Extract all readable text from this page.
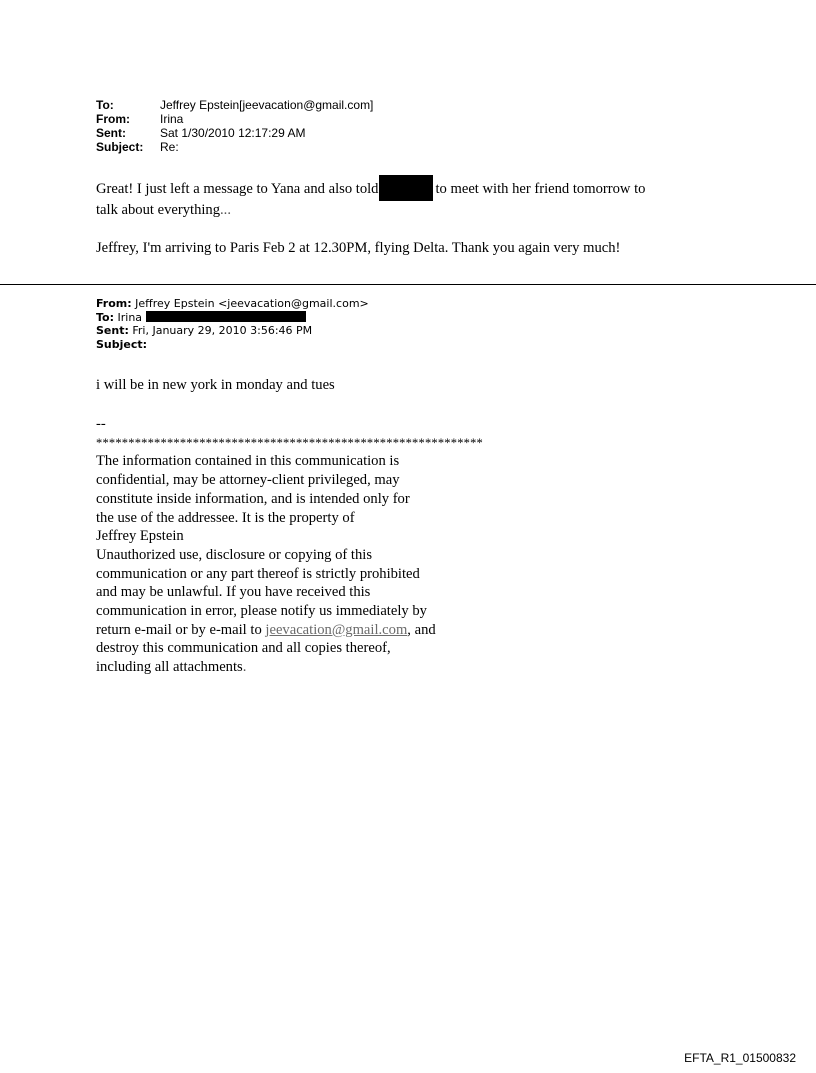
To:	Jeffrey Epstein[jeevacation@gmail.com]
From:	Irina
Sent:	Sat 1/30/2010 12:17:29 AM
Subject:	Re:

Great! I just left a message to Yana and also told	to meet with her friend tomorrow to
talk about everything...

Jeffrey, I'm arriving to Paris Feb 2 at 12.30PM, flying Delta. Thank you again very much!

From: Jeffrey Epstein <jeevacation@gmail.com>
To: Irina
Sent: Fri, January 29, 2010 3:56:46 PM
Subject:
i will be in new york in monday and tues
--
************************************************************
The information contained in this communication is
confidential, may be attorney-client privileged, may
constitute inside information, and is intended only for
the use of the addressee. It is the property of
Jeffrey Epstein
Unauthorized use, disclosure or copying of this
communication or any part thereof is strictly prohibited
and may be unlawful. If you have received this
communication in error, please notify us immediately by
return e-mail or by e-mail to jeevacation@gmail.com, and
destroy this communication and all copies thereof,
including all attachments.
EFTA_R1_01500832
